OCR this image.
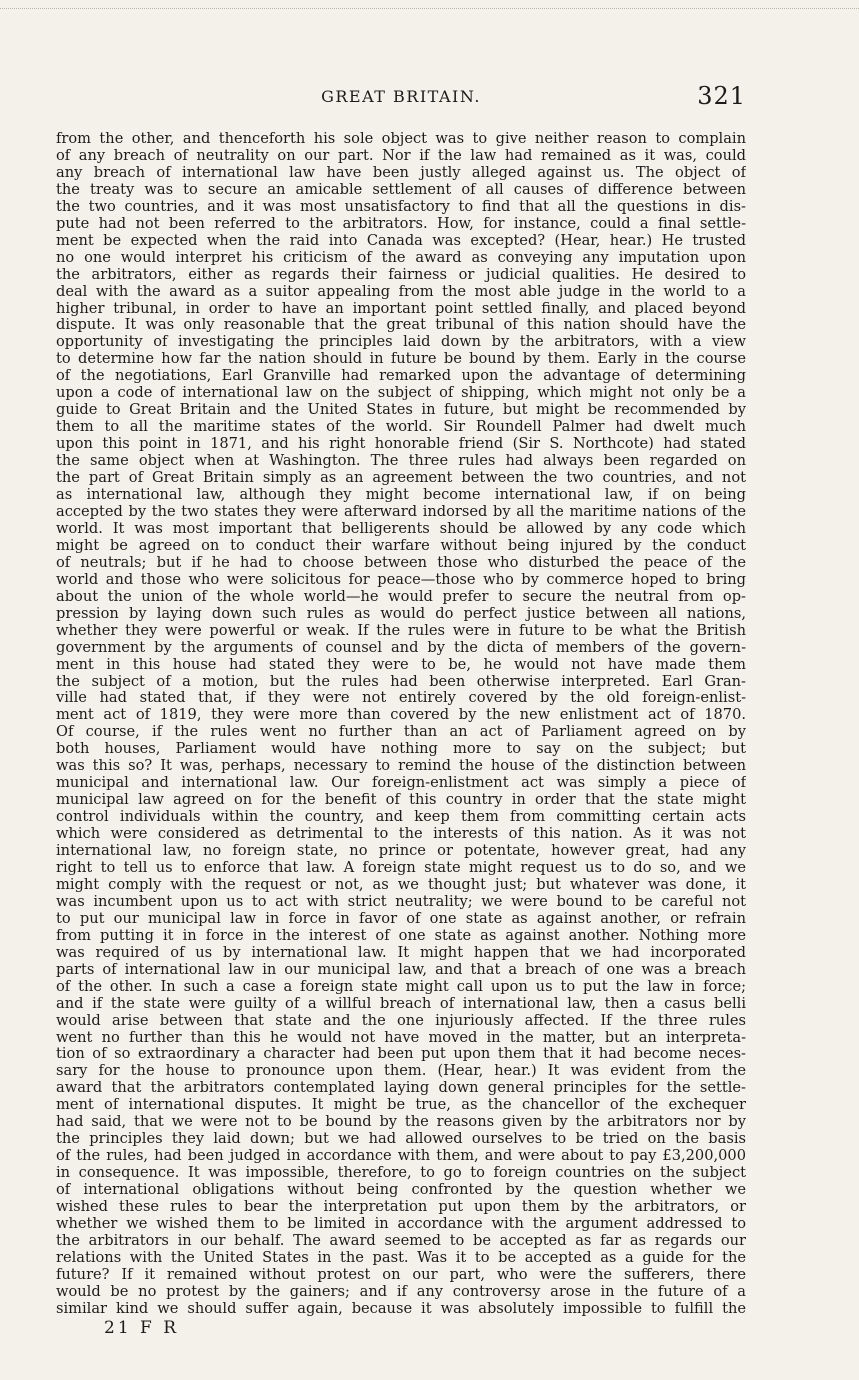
GREAT BRITAIN.	321
from the other, and thenceforth his sole object was to give neither reason to complain
of any breach of neutrality on our part. Nor if the law had remained as it was, could
any breach of international law have been justly alleged against us. The object of
the treaty was to secure an amicable settlement of all causes of difference between
the two countries, and it was most unsatisfactory to find that all the questions in dis-
pute had not been referred to the arbitrators. How, for instance, could a final settle-
ment be expected when the raid into Canada was excepted? (Hear, hear.) He trusted
no one would interpret his criticism of the award as conveying any imputation upon
the arbitrators, either as regards their fairness or judicial qualities. He desired to
deal with the award as a suitor appealing from the most able judge in the world to a
higher tribunal, in order to have an important point settled finally, and placed beyond
dispute. It was only reasonable that the great tribunal of this nation should have the
opportunity of investigating the principles laid down by the arbitrators, with a view
to determine how far the nation should in future be bound by them. Early in the course
of the negotiations, Earl Granville had remarked upon the advantage of determining
upon a code of international law on the subject of shipping, which might not only be a
guide to Great Britain and the United States in future, but might be recommended by
them to all the maritime states of the world. Sir Roundell Palmer had dwelt much
upon this point in 1871, and his right honorable friend (Sir S. Northcote) had stated
the same object when at Washington. The three rules had always been regarded on
the part of Great Britain simply as an agreement between the two countries, and not
as international law, although they might become international law, if on being
accepted by the two states they were afterward indorsed by all the maritime nations of the
world. It was most important that belligerents should be allowed by any code which
might be agreed on to conduct their warfare without being injured by the conduct
of neutrals; but if he had to choose between those who disturbed the peace of the
world and those who were solicitous for peace—those who by commerce hoped to bring
about the union of the whole world—he would prefer to secure the neutral from op-
pression by laying down such rules as would do perfect justice between all nations,
whether they were powerful or weak. If the rules were in future to be what the British
government by the arguments of counsel and by the dicta of members of the govern-
ment in this house had stated they were to be, he would not have made them
the subject of a motion, but the rules had been otherwise interpreted. Earl Gran-
ville had stated that, if they were not entirely covered by the old foreign-enlist-
ment act of 1819, they were more than covered by the new enlistment act of 1870.
Of course, if the rules went no further than an act of Parliament agreed on by
both houses, Parliament would have nothing more to say on the subject; but
was this so? It was, perhaps, necessary to remind the house of the distinction between
municipal and international law. Our foreign-enlistment act was simply a piece of
municipal law agreed on for the benefit of this country in order that the state might
control individuals within the country, and keep them from committing certain acts
which were considered as detrimental to the interests of this nation. As it was not
international law, no foreign state, no prince or potentate, however great, had any
right to tell us to enforce that law. A foreign state might request us to do so, and we
might comply with the request or not, as we thought just; but whatever was done, it
was incumbent upon us to act with strict neutrality; we were bound to be careful not
to put our municipal law in force in favor of one state as against another, or refrain
from putting it in force in the interest of one state as against another. Nothing more
was required of us by international law. It might happen that we had incorporated
parts of international law in our municipal law, and that a breach of one was a breach
of the other. In such a case a foreign state might call upon us to put the law in force;
and if the state were guilty of a willful breach of international law, then a casus belli
would arise between that state and the one injuriously affected. If the three rules
went no further than this he would not have moved in the matter, but an interpreta-
tion of so extraordinary a character had been put upon them that it had become neces-
sary for the house to pronounce upon them. (Hear, hear.) It was evident from the
award that the arbitrators contemplated laying down general principles for the settle-
ment of international disputes. It might be true, as the chancellor of the exchequer
had said, that we were not to be bound by the reasons given by the arbitrators nor by
the principles they laid down; but we had allowed ourselves to be tried on the basis
of the rules, had been judged in accordance with them, and were about to pay £3,200,000
in consequence. It was impossible, therefore, to go to foreign countries on the subject
of international obligations without being confronted by the question whether we
wished these rules to bear the interpretation put upon them by the arbitrators, or
whether we wished them to be limited in accordance with the argument addressed to
the arbitrators in our behalf. The award seemed to be accepted as far as regards our
relations with the United States in the past. Was it to be accepted as a guide for the
future? If it remained without protest on our part, who were the sufferers, there
would be no protest by the gainers; and if any controversy arose in the future of a
similar kind we should suffer again, because it was absolutely impossible to fulfill the
21 F R
